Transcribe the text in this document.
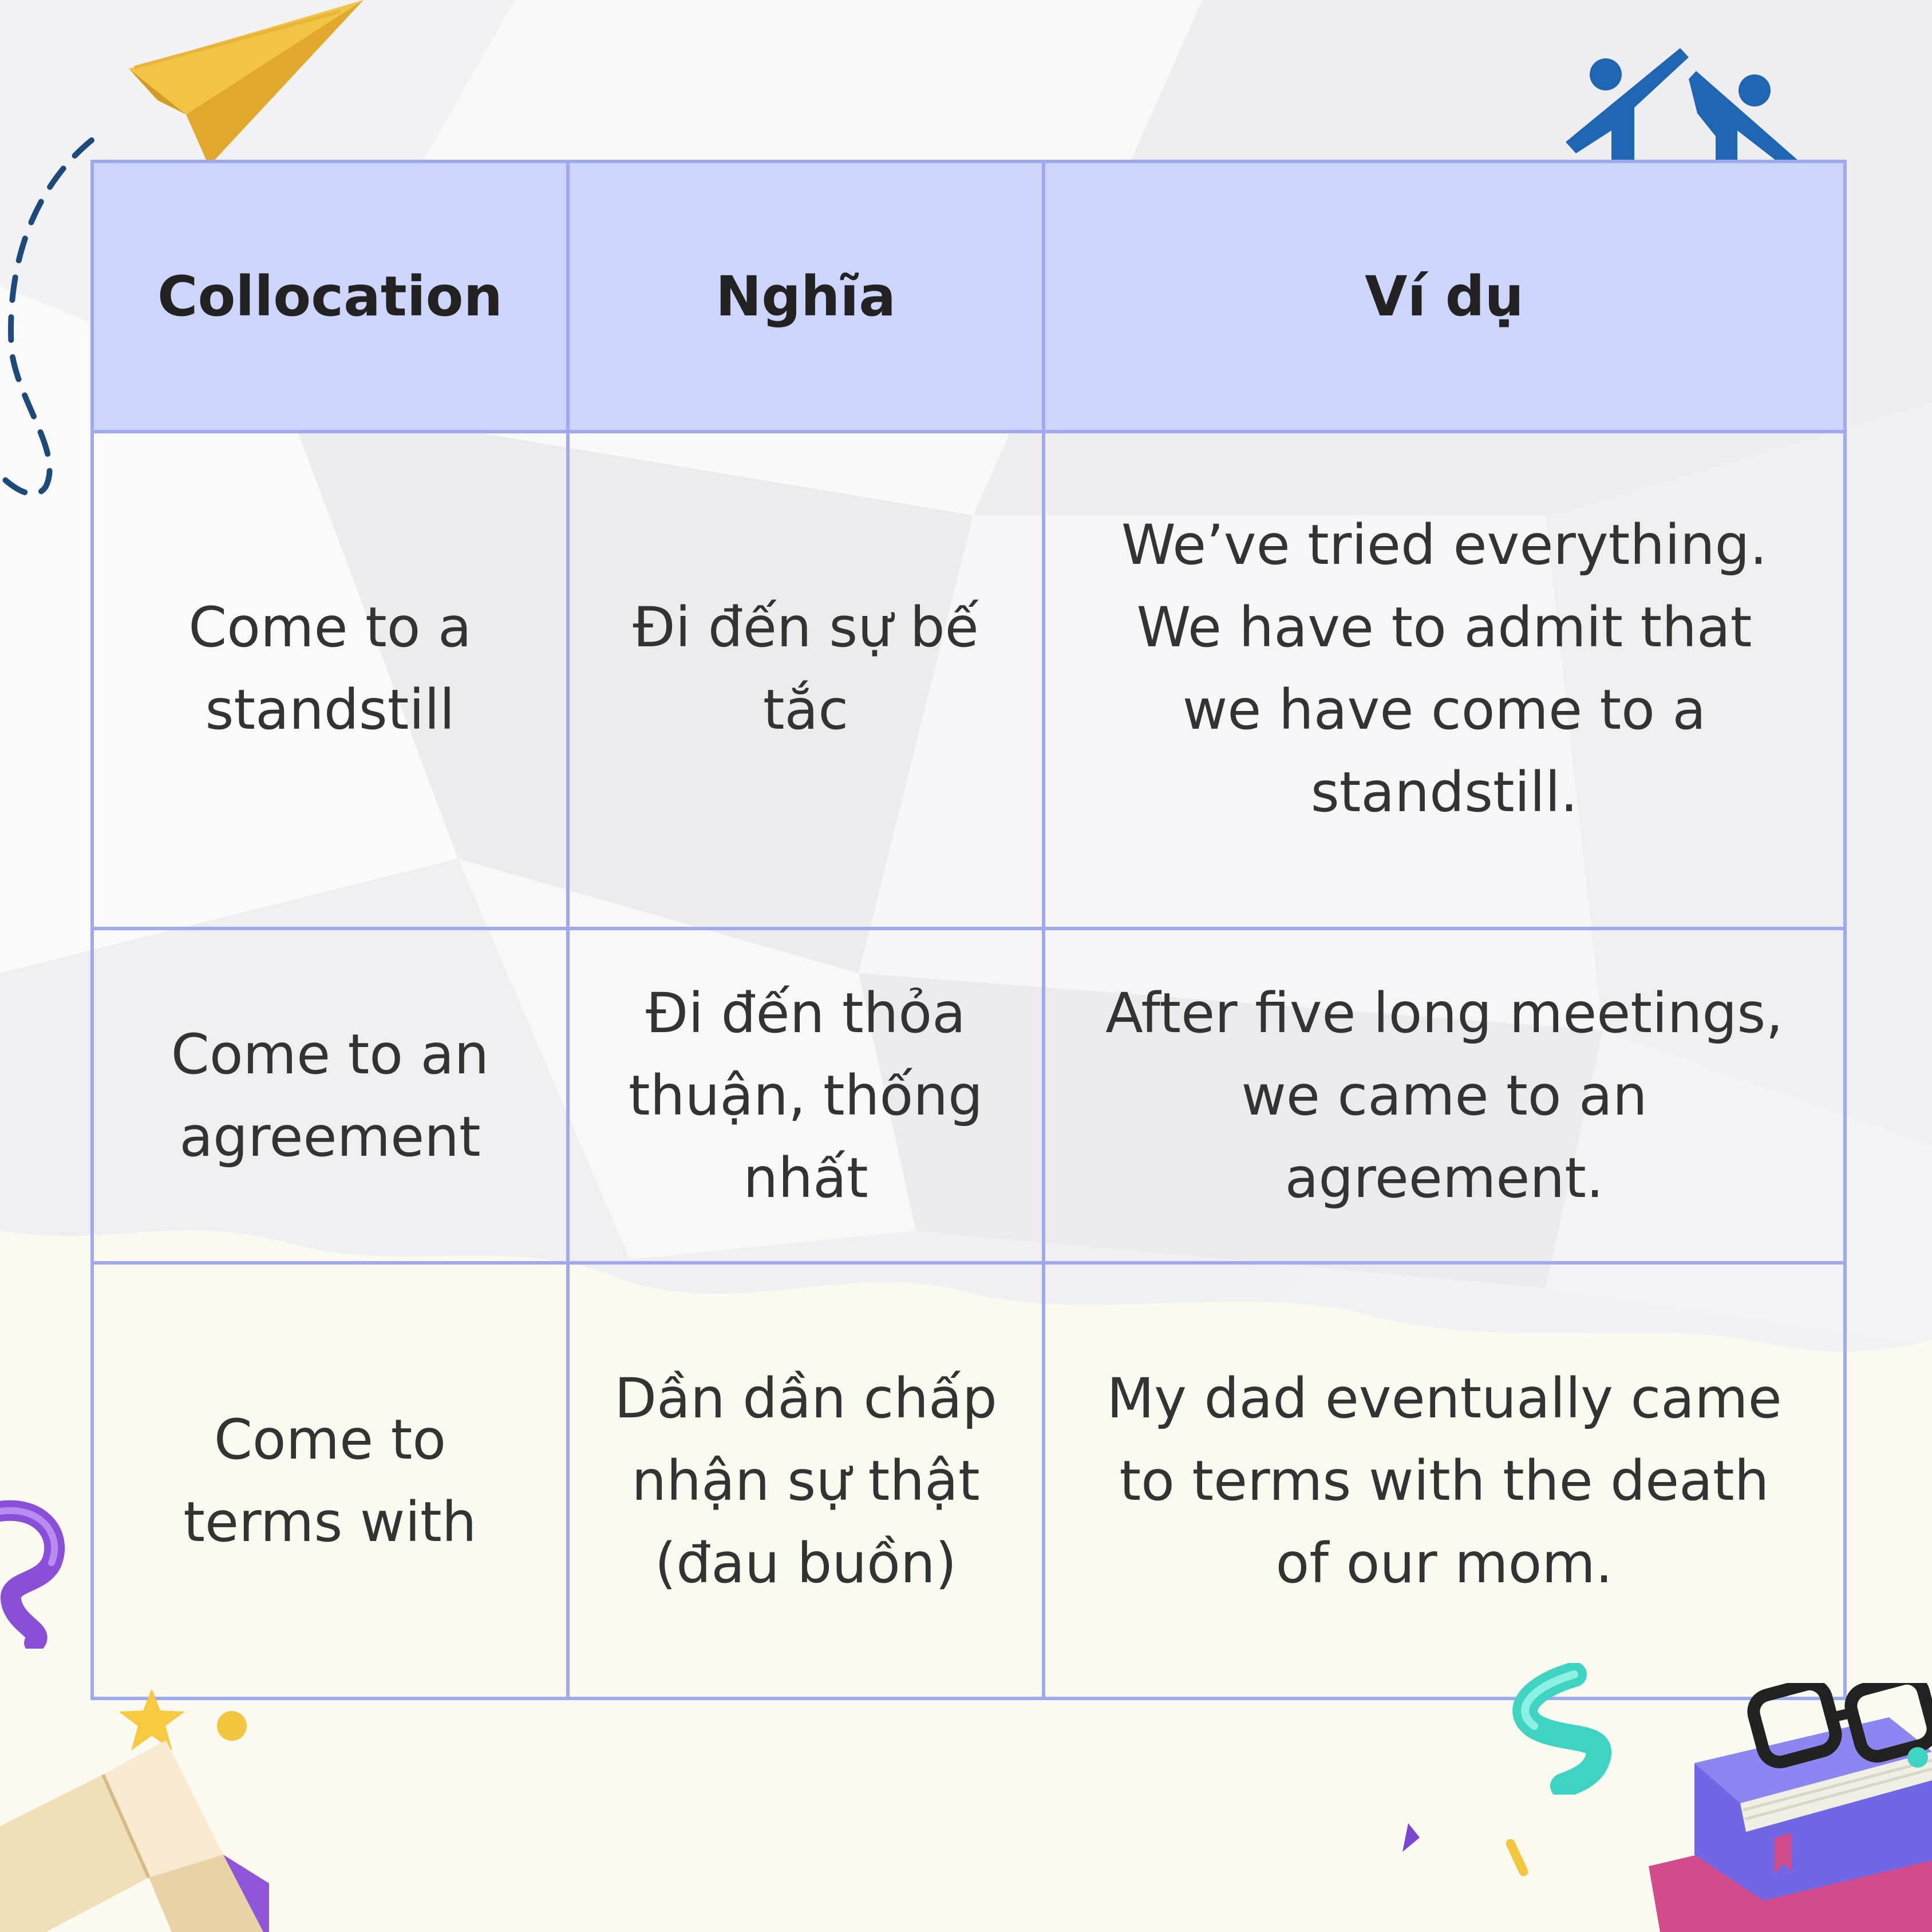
Collocation	Nghĩa	Ví dụ
Come to a
standstill
Đi đến sự bế
tắc
We’ve tried everything.
We have to admit that
we have come to a
standstill.
Come to an
agreement
Đi đến thỏa
thuận, thống
nhất
After five long meetings,
we came to an
agreement.
Come to
terms with
Dần dần chấp
nhận sự thật
(đau buồn)
My dad eventually came
to terms with the death
of our mom.
